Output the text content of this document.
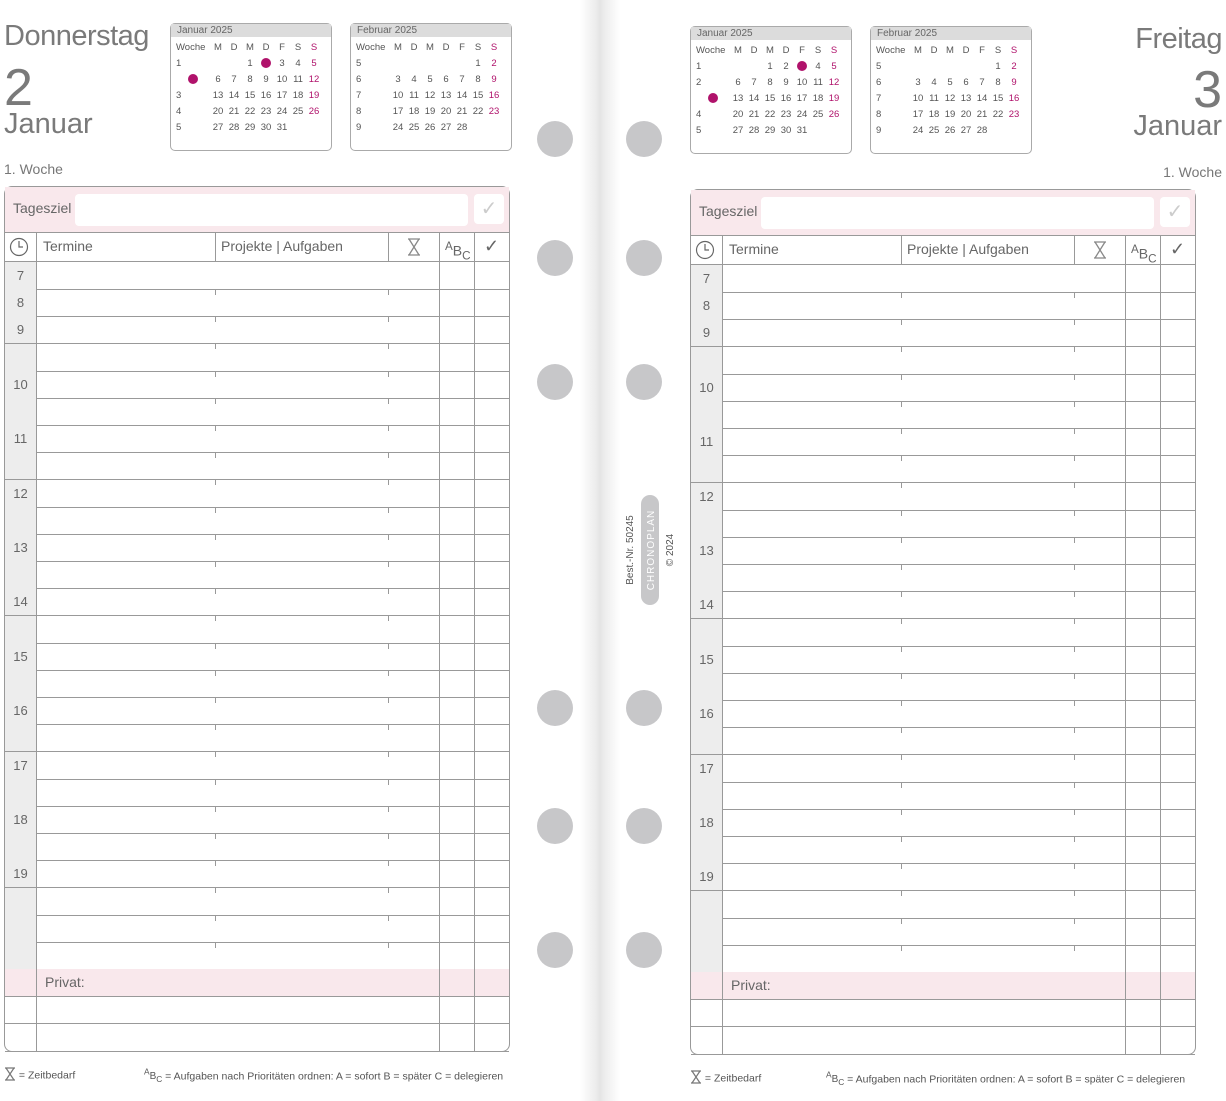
Best.-Nr. 50245 CHRONOPLAN © 2024
Donnerstag
2
Januar
1. Woche
Januar 2025
Woche	M	D	M	D	F	S	S
1			1		3	4	5
	6	7	8	9	10	11	12
3	13	14	15	16	17	18	19
4	20	21	22	23	24	25	26
5	27	28	29	30	31		
Februar 2025
Woche	M	D	M	D	F	S	S
5						1	2
6	3	4	5	6	7	8	9
7	10	11	12	13	14	15	16
8	17	18	19	20	21	22	23
9	24	25	26	27	28		
Tagesziel	✓
Termine	Projekte | Aufgaben	$^AB_C$ ✓
7
8
9
10
11
12
13
14
15
16
17
18
19
Privat:
= Zeitbedarf	$^AB_C$ = Aufgaben nach Prioritäten ordnen: A = sofort B = später C = delegieren
Freitag
3
Januar
1. Woche
Januar 2025
Woche	M	D	M	D	F	S	S
1			1	2		4	5
2	6	7	8	9	10	11	12
	13	14	15	16	17	18	19
4	20	21	22	23	24	25	26
5	27	28	29	30	31		
Februar 2025
Woche	M	D	M	D	F	S	S
5						1	2
6	3	4	5	6	7	8	9
7	10	11	12	13	14	15	16
8	17	18	19	20	21	22	23
9	24	25	26	27	28		
Tagesziel	✓
Termine	Projekte | Aufgaben	$^AB_C$ ✓
7
8
9
10
11
12
13
14
15
16
17
18
19
Privat:
= Zeitbedarf	$^AB_C$ = Aufgaben nach Prioritäten ordnen: A = sofort B = später C = delegieren
